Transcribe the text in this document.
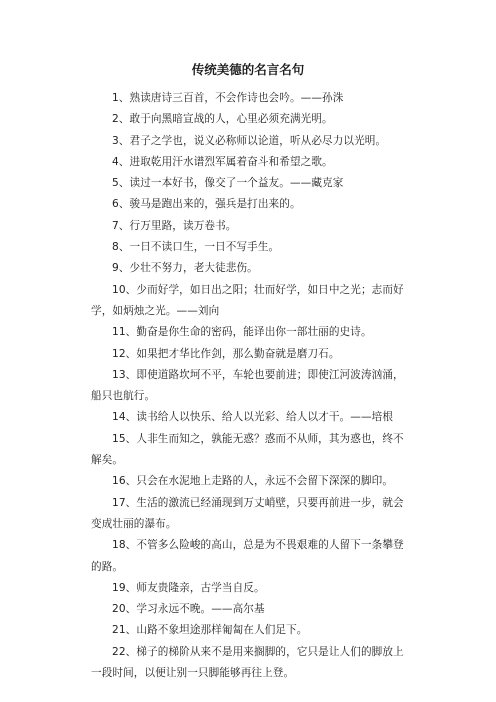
传统美德的名言名句
1、熟读唐诗三百首，不会作诗也会吟。——孙洙
2、敢于向黑暗宣战的人，心里必须充满光明。
3、君子之学也，说义必称师以论道，听从必尽力以光明。
4、进取乾用汗水谱烈军属着奋斗和希望之歌。
5、读过一本好书，像交了一个益友。——藏克家
6、骏马是跑出来的，强兵是打出来的。
7、行万里路，读万卷书。
8、一日不读口生，一日不写手生。
9、少壮不努力，老大徒悲伤。
10、少而好学，如日出之阳；壮而好学，如日中之光；志而好学，如炳烛之光。——刘向
11、勤奋是你生命的密码，能译出你一部壮丽的史诗。
12、如果把才华比作剑，那么勤奋就是磨刀石。
13、即使道路坎坷不平，车轮也要前进；即使江河波涛汹涌，船只也航行。
14、读书给人以快乐、给人以光彩、给人以才干。——培根
15、人非生而知之，孰能无惑？惑而不从师，其为惑也，终不解矣。
16、只会在水泥地上走路的人，永远不会留下深深的脚印。
17、生活的激流已经涌现到万丈峭壁，只要再前进一步，就会变成壮丽的瀑布。
18、不管多么险峻的高山，总是为不畏艰难的人留下一条攀登的路。
19、师友贵隆亲，古学当自反。
20、学习永远不晚。——高尔基
21、山路不象坦途那样匍匐在人们足下。
22、梯子的梯阶从来不是用来搁脚的，它只是让人们的脚放上一段时间，以便让别一只脚能够再往上登。
